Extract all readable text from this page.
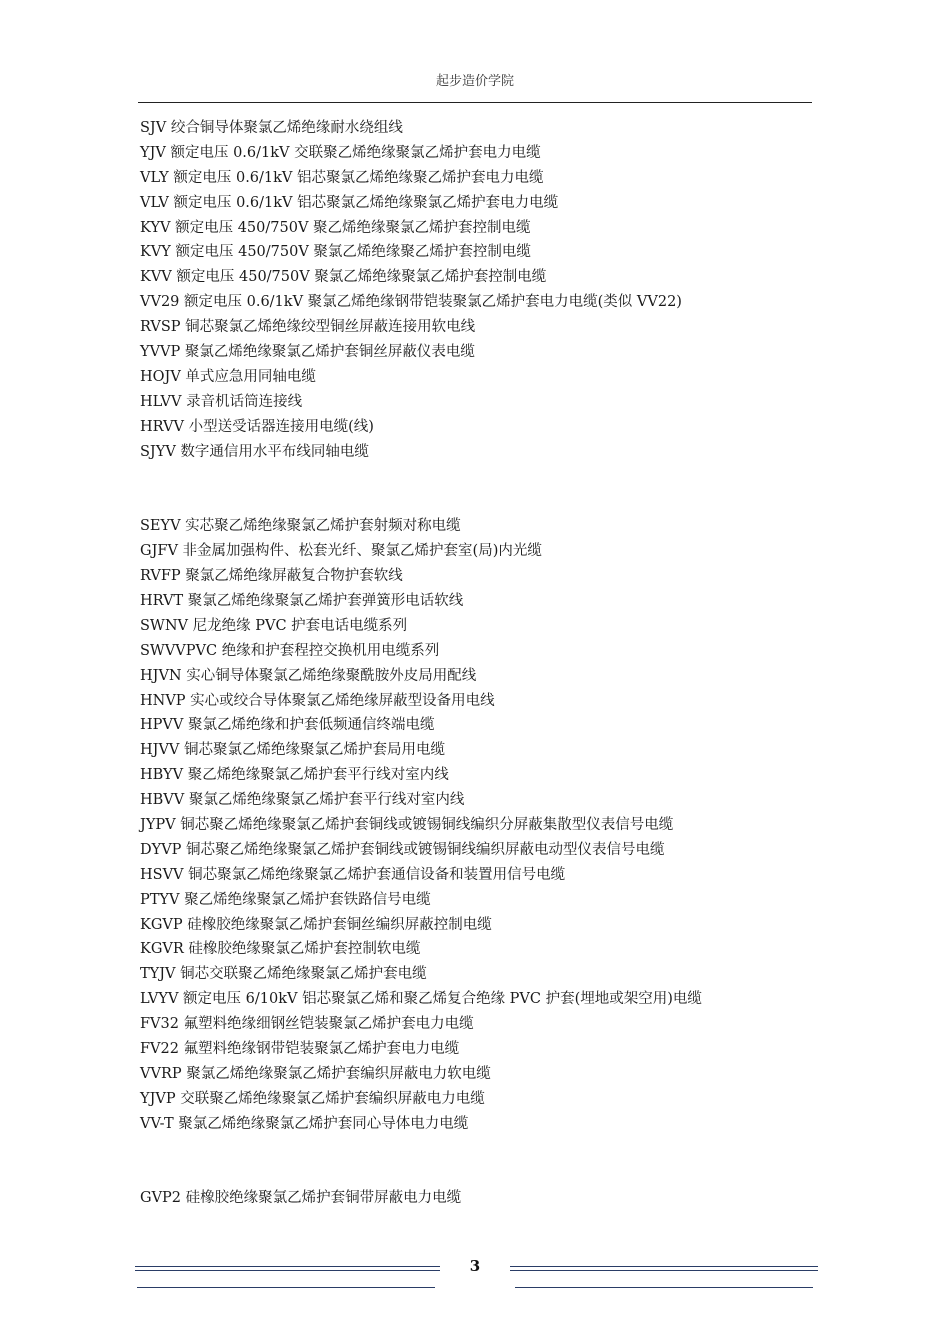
起步造价学院
SJV 绞合铜导体聚氯乙烯绝缘耐水绕组线
YJV 额定电压 0.6/1kV 交联聚乙烯绝缘聚氯乙烯护套电力电缆
VLY 额定电压 0.6/1kV 铝芯聚氯乙烯绝缘聚乙烯护套电力电缆
VLV 额定电压 0.6/1kV 铝芯聚氯乙烯绝缘聚氯乙烯护套电力电缆
KYV 额定电压 450/750V 聚乙烯绝缘聚氯乙烯护套控制电缆
KVY 额定电压 450/750V 聚氯乙烯绝缘聚乙烯护套控制电缆
KVV 额定电压 450/750V 聚氯乙烯绝缘聚氯乙烯护套控制电缆
VV29 额定电压 0.6/1kV 聚氯乙烯绝缘钢带铠装聚氯乙烯护套电力电缆(类似 VV22)
RVSP 铜芯聚氯乙烯绝缘绞型铜丝屏蔽连接用软电线
YVVP 聚氯乙烯绝缘聚氯乙烯护套铜丝屏蔽仪表电缆
HOJV 单式应急用同轴电缆
HLVV 录音机话筒连接线
HRVV 小型送受话器连接用电缆(线)
SJYV 数字通信用水平布线同轴电缆
SEYV 实芯聚乙烯绝缘聚氯乙烯护套射频对称电缆
GJFV 非金属加强构件、松套光纤、聚氯乙烯护套室(局)内光缆
RVFP 聚氯乙烯绝缘屏蔽复合物护套软线
HRVT 聚氯乙烯绝缘聚氯乙烯护套弹簧形电话软线
SWNV 尼龙绝缘 PVC 护套电话电缆系列
SWVVPVC 绝缘和护套程控交换机用电缆系列
HJVN 实心铜导体聚氯乙烯绝缘聚酰胺外皮局用配线
HNVP 实心或绞合导体聚氯乙烯绝缘屏蔽型设备用电线
HPVV 聚氯乙烯绝缘和护套低频通信终端电缆
HJVV 铜芯聚氯乙烯绝缘聚氯乙烯护套局用电缆
HBYV 聚乙烯绝缘聚氯乙烯护套平行线对室内线
HBVV 聚氯乙烯绝缘聚氯乙烯护套平行线对室内线
JYPV 铜芯聚乙烯绝缘聚氯乙烯护套铜线或镀锡铜线编织分屏蔽集散型仪表信号电缆
DYVP 铜芯聚乙烯绝缘聚氯乙烯护套铜线或镀锡铜线编织屏蔽电动型仪表信号电缆
HSVV 铜芯聚氯乙烯绝缘聚氯乙烯护套通信设备和装置用信号电缆
PTYV 聚乙烯绝缘聚氯乙烯护套铁路信号电缆
KGVP 硅橡胶绝缘聚氯乙烯护套铜丝编织屏蔽控制电缆
KGVR 硅橡胶绝缘聚氯乙烯护套控制软电缆
TYJV 铜芯交联聚乙烯绝缘聚氯乙烯护套电缆
LVYV 额定电压 6/10kV 铝芯聚氯乙烯和聚乙烯复合绝缘 PVC 护套(埋地或架空用)电缆
FV32 氟塑料绝缘细钢丝铠装聚氯乙烯护套电力电缆
FV22 氟塑料绝缘钢带铠装聚氯乙烯护套电力电缆
VVRP 聚氯乙烯绝缘聚氯乙烯护套编织屏蔽电力软电缆
YJVP 交联聚乙烯绝缘聚氯乙烯护套编织屏蔽电力电缆
VV-T 聚氯乙烯绝缘聚氯乙烯护套同心导体电力电缆
GVP2 硅橡胶绝缘聚氯乙烯护套铜带屏蔽电力电缆
3
